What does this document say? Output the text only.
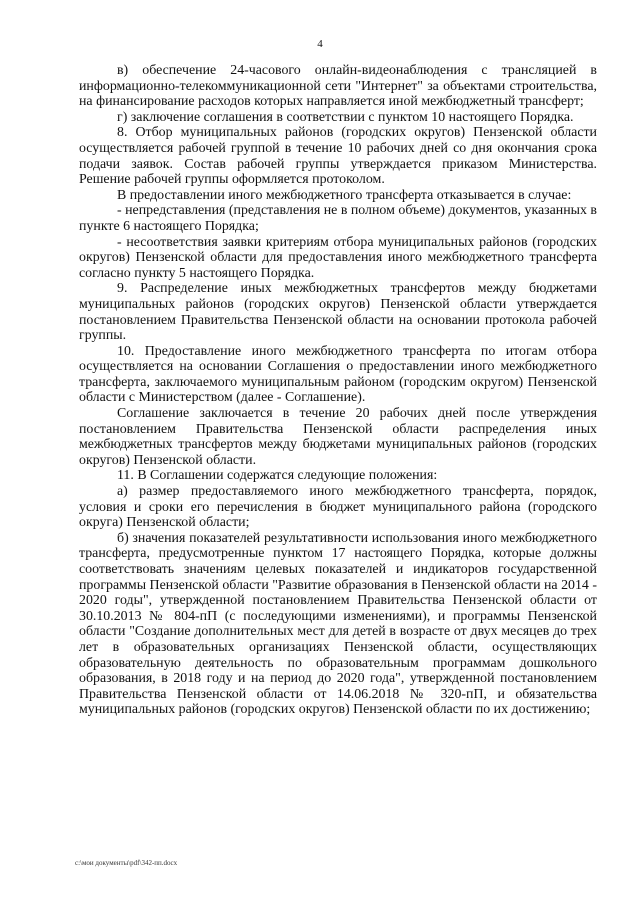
4

в) обеспечение 24-часового онлайн-видеонаблюдения с трансляцией в информационно-телекоммуникационной сети "Интернет" за объектами строительства, на финансирование расходов которых направляется иной межбюджетный трансферт;

г) заключение соглашения в соответствии с пунктом 10 настоящего Порядка.

8. Отбор муниципальных районов (городских округов) Пензенской области осуществляется рабочей группой в течение 10 рабочих дней со дня окончания срока подачи заявок. Состав рабочей группы утверждается приказом Министерства. Решение рабочей группы оформляется протоколом.

В предоставлении иного межбюджетного трансферта отказывается в случае:

- непредставления (представления не в полном объеме) документов, указанных в пункте 6 настоящего Порядка;

- несоответствия заявки критериям отбора муниципальных районов (городских округов) Пензенской области для предоставления иного межбюджетного трансферта согласно пункту 5 настоящего Порядка.

9. Распределение иных межбюджетных трансфертов между бюджетами муниципальных районов (городских округов) Пензенской области утверждается постановлением Правительства Пензенской области на основании протокола рабочей группы.

10. Предоставление иного межбюджетного трансферта по итогам отбора осуществляется на основании Соглашения о предоставлении иного межбюджетного трансферта, заключаемого муниципальным районом (городским округом) Пензенской области с Министерством (далее - Соглашение).

Соглашение заключается в течение 20 рабочих дней после утверждения постановлением Правительства Пензенской области распределения иных межбюджетных трансфертов между бюджетами муниципальных районов (городских округов) Пензенской области.

11. В Соглашении содержатся следующие положения:

а) размер предоставляемого иного межбюджетного трансферта, порядок, условия и сроки его перечисления в бюджет муниципального района (городского округа) Пензенской области;

б) значения показателей результативности использования иного межбюджетного трансферта, предусмотренные пунктом 17 настоящего Порядка, которые должны соответствовать значениям целевых показателей и индикаторов государственной программы Пензенской области "Развитие образования в Пензенской области на 2014 - 2020 годы", утвержденной постановлением Правительства Пензенской области от 30.10.2013 № 804-пП (с последующими изменениями), и программы Пензенской области "Создание дополнительных мест для детей в возрасте от двух месяцев до трех лет в образовательных организациях Пензенской области, осуществляющих образовательную деятельность по образовательным программам дошкольного образования, в 2018 году и на период до 2020 года", утвержденной постановлением Правительства Пензенской области от 14.06.2018 № 320-пП, и обязательства муниципальных районов (городских округов) Пензенской области по их достижению;

c:\мои документы\pdf\342-пп.docx
